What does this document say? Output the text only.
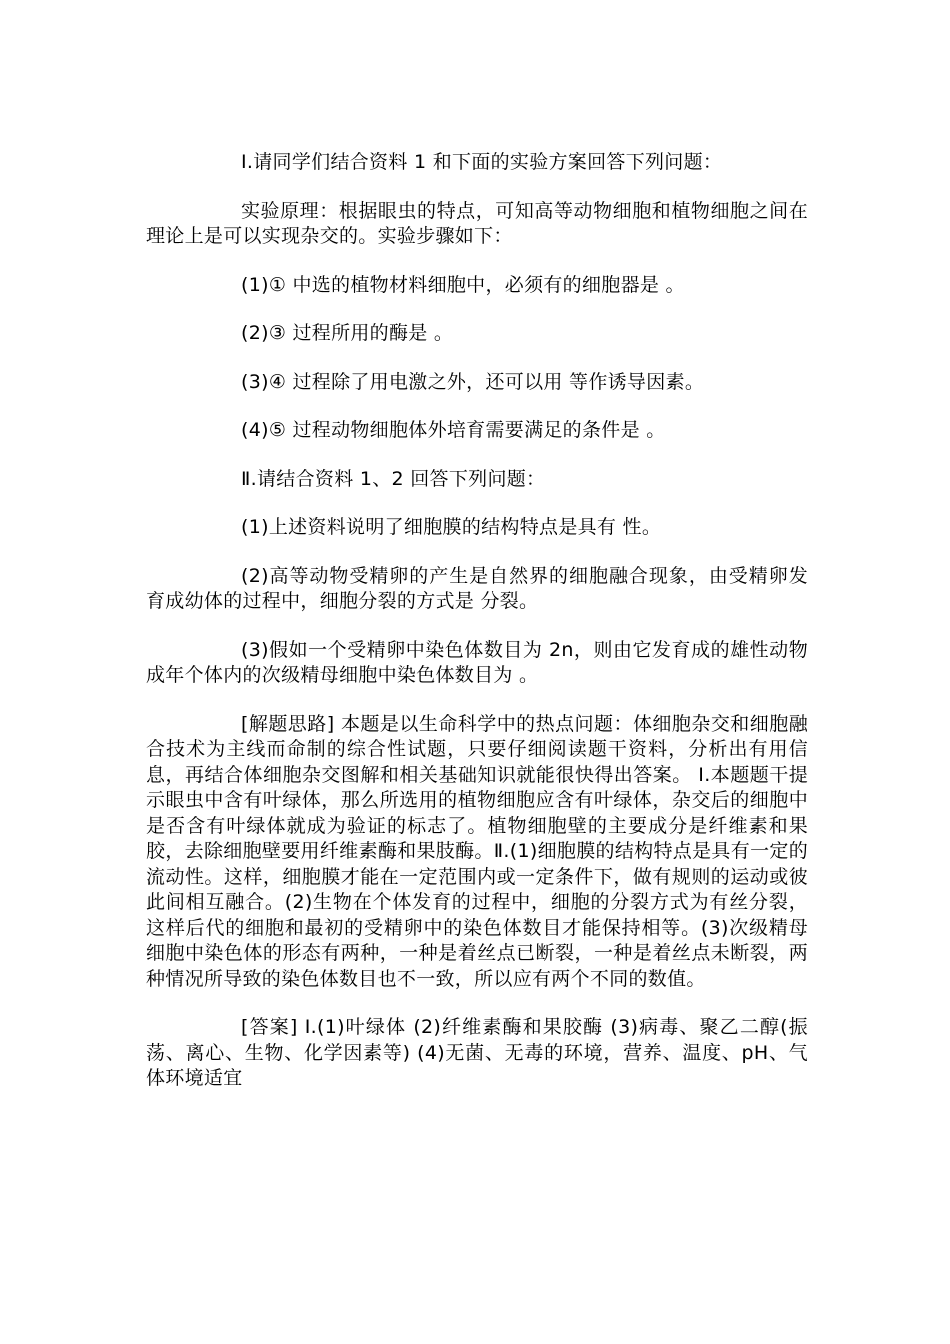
I.请同学们结合资料 1 和下面的实验方案回答下列问题：

实验原理：根据眼虫的特点，可知高等动物细胞和植物细胞之间在理论上是可以实现杂交的。实验步骤如下：

(1)① 中选的植物材料细胞中，必须有的细胞器是 。

(2)③ 过程所用的酶是 。

(3)④ 过程除了用电激之外，还可以用 等作诱导因素。

(4)⑤ 过程动物细胞体外培育需要满足的条件是 。

Ⅱ.请结合资料 1、2 回答下列问题：

(1)上述资料说明了细胞膜的结构特点是具有 性。

(2)高等动物受精卵的产生是自然界的细胞融合现象，由受精卵发育成幼体的过程中，细胞分裂的方式是 分裂。

(3)假如一个受精卵中染色体数目为 2n，则由它发育成的雄性动物成年个体内的次级精母细胞中染色体数目为 。

[解题思路] 本题是以生命科学中的热点问题：体细胞杂交和细胞融合技术为主线而命制的综合性试题，只要仔细阅读题干资料，分析出有用信息，再结合体细胞杂交图解和相关基础知识就能很快得出答案。 I.本题题干提示眼虫中含有叶绿体，那么所选用的植物细胞应含有叶绿体，杂交后的细胞中是否含有叶绿体就成为验证的标志了。植物细胞壁的主要成分是纤维素和果胶，去除细胞壁要用纤维素酶和果肢酶。Ⅱ.(1)细胞膜的结构特点是具有一定的流动性。这样，细胞膜才能在一定范围内或一定条件下，做有规则的运动或彼此间相互融合。(2)生物在个体发育的过程中，细胞的分裂方式为有丝分裂，这样后代的细胞和最初的受精卵中的染色体数目才能保持相等。(3)次级精母细胞中染色体的形态有两种，一种是着丝点已断裂，一种是着丝点未断裂，两种情况所导致的染色体数目也不一致，所以应有两个不同的数值。

[答案] I.(1)叶绿体 (2)纤维素酶和果胶酶 (3)病毒、聚乙二醇(振荡、离心、生物、化学因素等) (4)无菌、无毒的环境，营养、温度、pH、气体环境适宜
